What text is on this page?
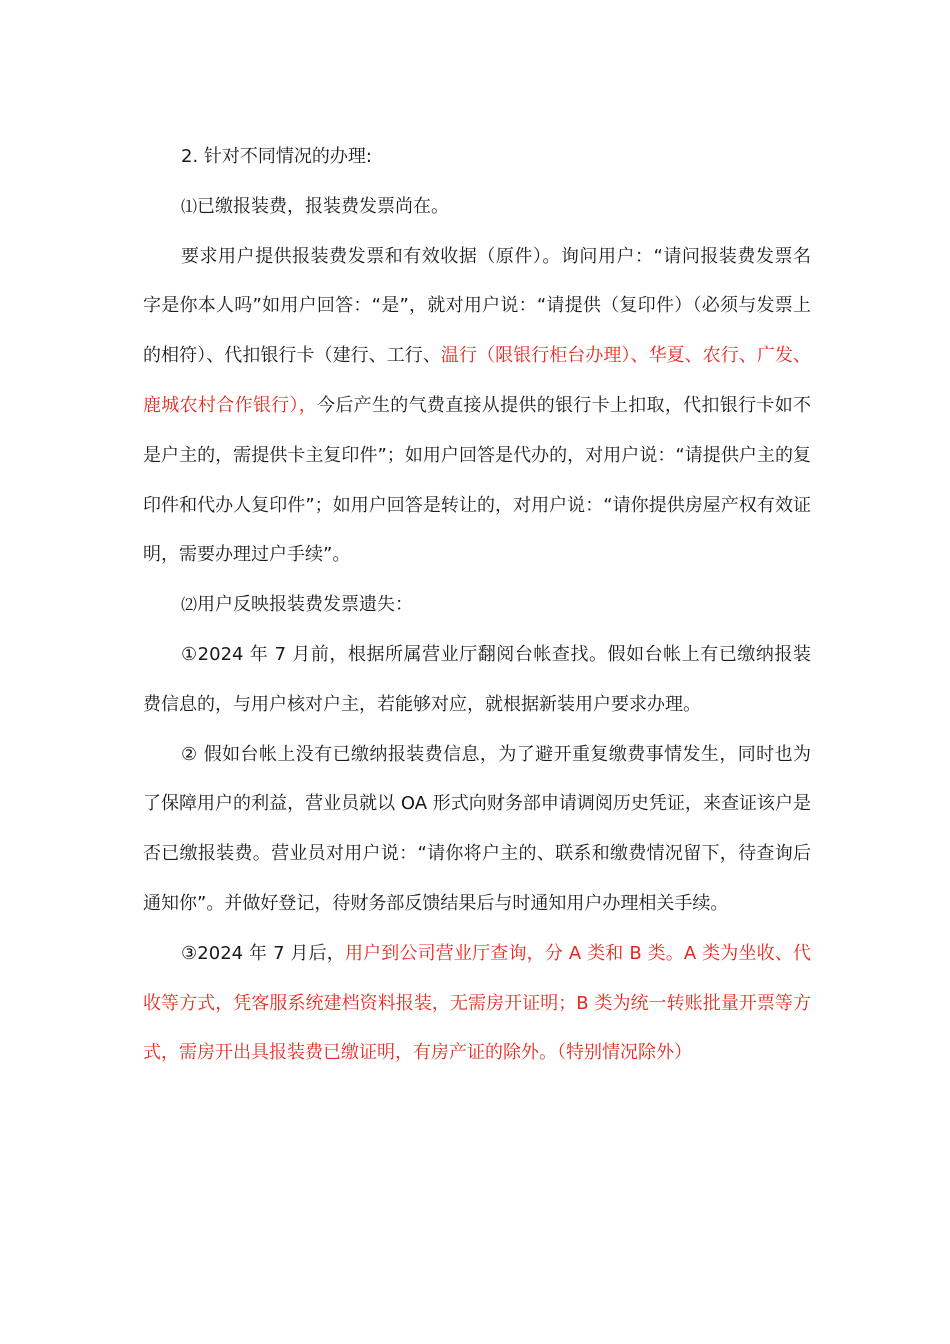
2. 针对不同情况的办理:

⑴已缴报装费，报装费发票尚在。

要求用户提供报装费发票和有效收据（原件）。询问用户：“请问报装费发票名字是你本人吗”如用户回答：“是”，就对用户说：“请提供（复印件）（必须与发票上的相符）、代扣银行卡（建行、工行、温行（限银行柜台办理）、华夏、农行、广发、鹿城农村合作银行），今后产生的气费直接从提供的银行卡上扣取，代扣银行卡如不是户主的，需提供卡主复印件”；如用户回答是代办的，对用户说：“请提供户主的复印件和代办人复印件”；如用户回答是转让的，对用户说：“请你提供房屋产权有效证明，需要办理过户手续”。

⑵用户反映报装费发票遗失：

①2024 年 7 月前，根据所属营业厅翻阅台帐查找。假如台帐上有已缴纳报装费信息的，与用户核对户主，若能够对应，就根据新装用户要求办理。

② 假如台帐上没有已缴纳报装费信息，为了避开重复缴费事情发生，同时也为了保障用户的利益，营业员就以 OA 形式向财务部申请调阅历史凭证，来查证该户是否已缴报装费。营业员对用户说：“请你将户主的、联系和缴费情况留下，待查询后通知你”。并做好登记，待财务部反馈结果后与时通知用户办理相关手续。

③2024 年 7 月后，用户到公司营业厅查询，分 A 类和 B 类。A 类为坐收、代收等方式，凭客服系统建档资料报装，无需房开证明；B 类为统一转账批量开票等方式，需房开出具报装费已缴证明，有房产证的除外。（特别情况除外）
